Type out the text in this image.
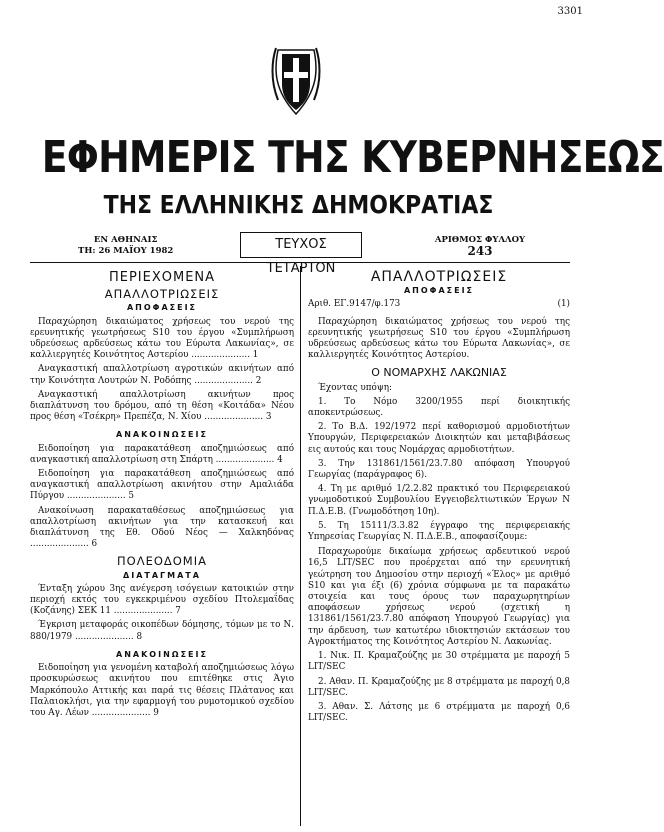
3301
ΕΦΗΜΕΡΙΣ ΤΗΣ ΚΥΒΕΡΝΗΣΕΩΣ
ΤΗΣ ΕΛΛΗΝΙΚΗΣ ΔΗΜΟΚΡΑΤΙΑΣ
ΕΝ ΑΘΗΝΑΙΣ
ΤΗ: 26 ΜΑΪΟΥ 1982	ΤΕΥΧΟΣ ΤΕΤΑΡΤΟΝ
ΑΡΙΘΜΟΣ ΦΥΛΛΟΥ
243
ΠΕΡΙΕΧΟΜΕΝΑ
ΑΠΑΛΛΟΤΡΙΩΣΕΙΣ
ΑΠΟΦΑΣΕΙΣ
Παραχώρηση δικαιώματος χρήσεως του νερού της ερευνητικής γεωτρήσεως S10 του έργου «Συμπλήρωση υδρεύσεως αρδεύσεως κάτω του Εύρωτα Λακωνίας», σε καλλιεργητές Κοινότητος Αστερίου ..................... 1
Αναγκαστική απαλλοτρίωση αγροτικών ακινήτων από την Κοινότητα Λουτρών Ν. Ροδόπης ..................... 2
Αναγκαστική απαλλοτρίωση ακινήτων προς διαπλάτυνση του δρόμου, από τη θέση «Κοιτάδα» Νέου προς θέση «Τσέκρη» Πρεπέζα, Ν. Χίου ..................... 3
ΑΝΑΚΟΙΝΩΣΕΙΣ
Ειδοποίηση για παρακατάθεση αποζημιώσεως από αναγκαστική απαλλοτρίωση στη Σπάρτη ..................... 4
Ειδοποίηση για παρακατάθεση αποζημιώσεως από αναγκαστική απαλλοτρίωση ακινήτου στην Αμαλιάδα Πύργου ..................... 5
Ανακοίνωση παρακαταθέσεως αποζημιώσεως για απαλλοτρίωση ακινήτων για την κατασκευή και διαπλάτυνση της Εθ. Οδού Νέος — Χαλκηδόνας ..................... 6
ΠΟΛΕΟΔΟΜΙΑ
ΔΙΑΤΑΓΜΑΤΑ
Ένταξη χώρου 3ης ανέγερση ισόγειων κατοικιών στην περιοχή εκτός του εγκεκριμένου σχεδίου Πτολεμαΐδας (Κοζάνης) ΣΕΚ 11 ..................... 7
Έγκριση μεταφοράς οικοπέδων δόμησης, τόμων με το Ν. 880/1979 ..................... 8
ΑΝΑΚΟΙΝΩΣΕΙΣ
Ειδοποίηση για γενομένη καταβολή αποζημιώσεως λόγω προσκυρώσεως ακινήτου που επιτέθηκε στις Άγιο Μαρκόπουλο Αττικής και παρά τις θέσεις Πλάτανος και Παλαιοκλήσι, για την εφαρμογή του ρυμοτομικού σχεδίου του Αγ. Λέων ..................... 9
ΑΠΑΛΛΟΤΡΙΩΣΕΙΣ
ΑΠΟΦΑΣΕΙΣ
Αριθ. ΕΓ.9147/φ.173	(1)
Παραχώρηση δικαιώματος χρήσεως του νερού της ερευνητικής γεωτρήσεως S10 του έργου «Συμπλήρωση υδρεύσεως αρδεύσεως κάτω του Εύρωτα Λακωνίας», σε καλλιεργητές Κοινότητος Αστερίου.
Ο ΝΟΜΑΡΧΗΣ ΛΑΚΩΝΙΑΣ
Έχοντας υπόψη:
1. Το Νόμο 3200/1955 περί διοικητικής αποκεντρώσεως.
2. Το Β.Δ. 192/1972 περί καθορισμού αρμοδιοτήτων Υπουργών, Περιφερειακών Διοικητών και μεταβιβάσεως εις αυτούς και τους Νομάρχας αρμοδιοτήτων.
3. Την 131861/1561/23.7.80 απόφαση Υπουργού Γεωργίας (παράγραφος 6).
4. Τη με αριθμό 1/2.2.82 πρακτικό του Περιφερειακού γνωμοδοτικού Συμβουλίου Εγγειοβελτιωτικών Έργων Ν Π.Δ.Ε.Β. (Γνωμοδότηση 10η).
5. Τη 15111/3.3.82 έγγραφο της περιφερειακής Υπηρεσίας Γεωργίας Ν. Π.Δ.Ε.Β., αποφασίζουμε:
Παραχωρούμε δικαίωμα χρήσεως αρδευτικού νερού 16,5 LIT/SEC που προέρχεται από την ερευνητική γεώτρηση του Δημοσίου στην περιοχή «Έλος» με αριθμό S10 και για έξι (6) χρόνια σύμφωνα με τα παρακάτω στοιχεία και τους όρους των παραχωρητηρίων αποφάσεων χρήσεως νερού (σχετική η 131861/1561/23.7.80 απόφαση Υπουργού Γεωργίας) για την άρδευση, των κατωτέρω ιδιοκτησιών εκτάσεων του Αγροκτήματος της Κοινότητος Αστερίου Ν. Λακωνίας.
1. Νικ. Π. Κραμαζούζης με 30 στρέμματα με παροχή 5 LIT/SEC
2. Αθαν. Π. Κραμαζούζης με 8 στρέμματα με παροχή 0,8 LIT/SEC.
3. Αθαν. Σ. Λάτσης με 6 στρέμματα με παροχή 0,6 LIT/SEC.
